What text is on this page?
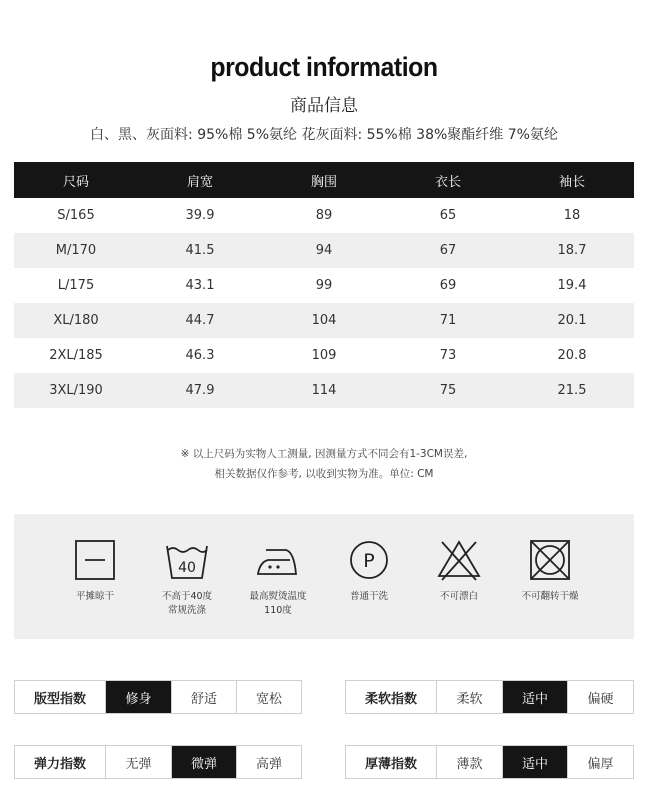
product information
商品信息
白、黑、灰面料: 95%棉 5%氨纶 花灰面料: 55%棉 38%聚酯纤维 7%氨纶
尺码	肩宽	胸围	衣长	袖长
S/165	39.9	89	65	18
M/170	41.5	94	67	18.7
L/175	43.1	99	69	19.4
XL/180	44.7	104	71	20.1
2XL/185	46.3	109	73	20.8
3XL/190	47.9	114	75	21.5
※ 以上尺码为实物人工测量, 因测量方式不同会有1-3CM误差,
相关数据仅作参考, 以收到实物为准。单位: CM
平摊晾干
40
不高于40度
常规洗涤
最高熨烫温度
110度
P
普通干洗	不可漂白	不可翻转干燥
版型指数	修身	舒适	宽松	柔软指数	柔软	适中	偏硬
弹力指数	无弹	微弹	高弹	厚薄指数	薄款	适中	偏厚
